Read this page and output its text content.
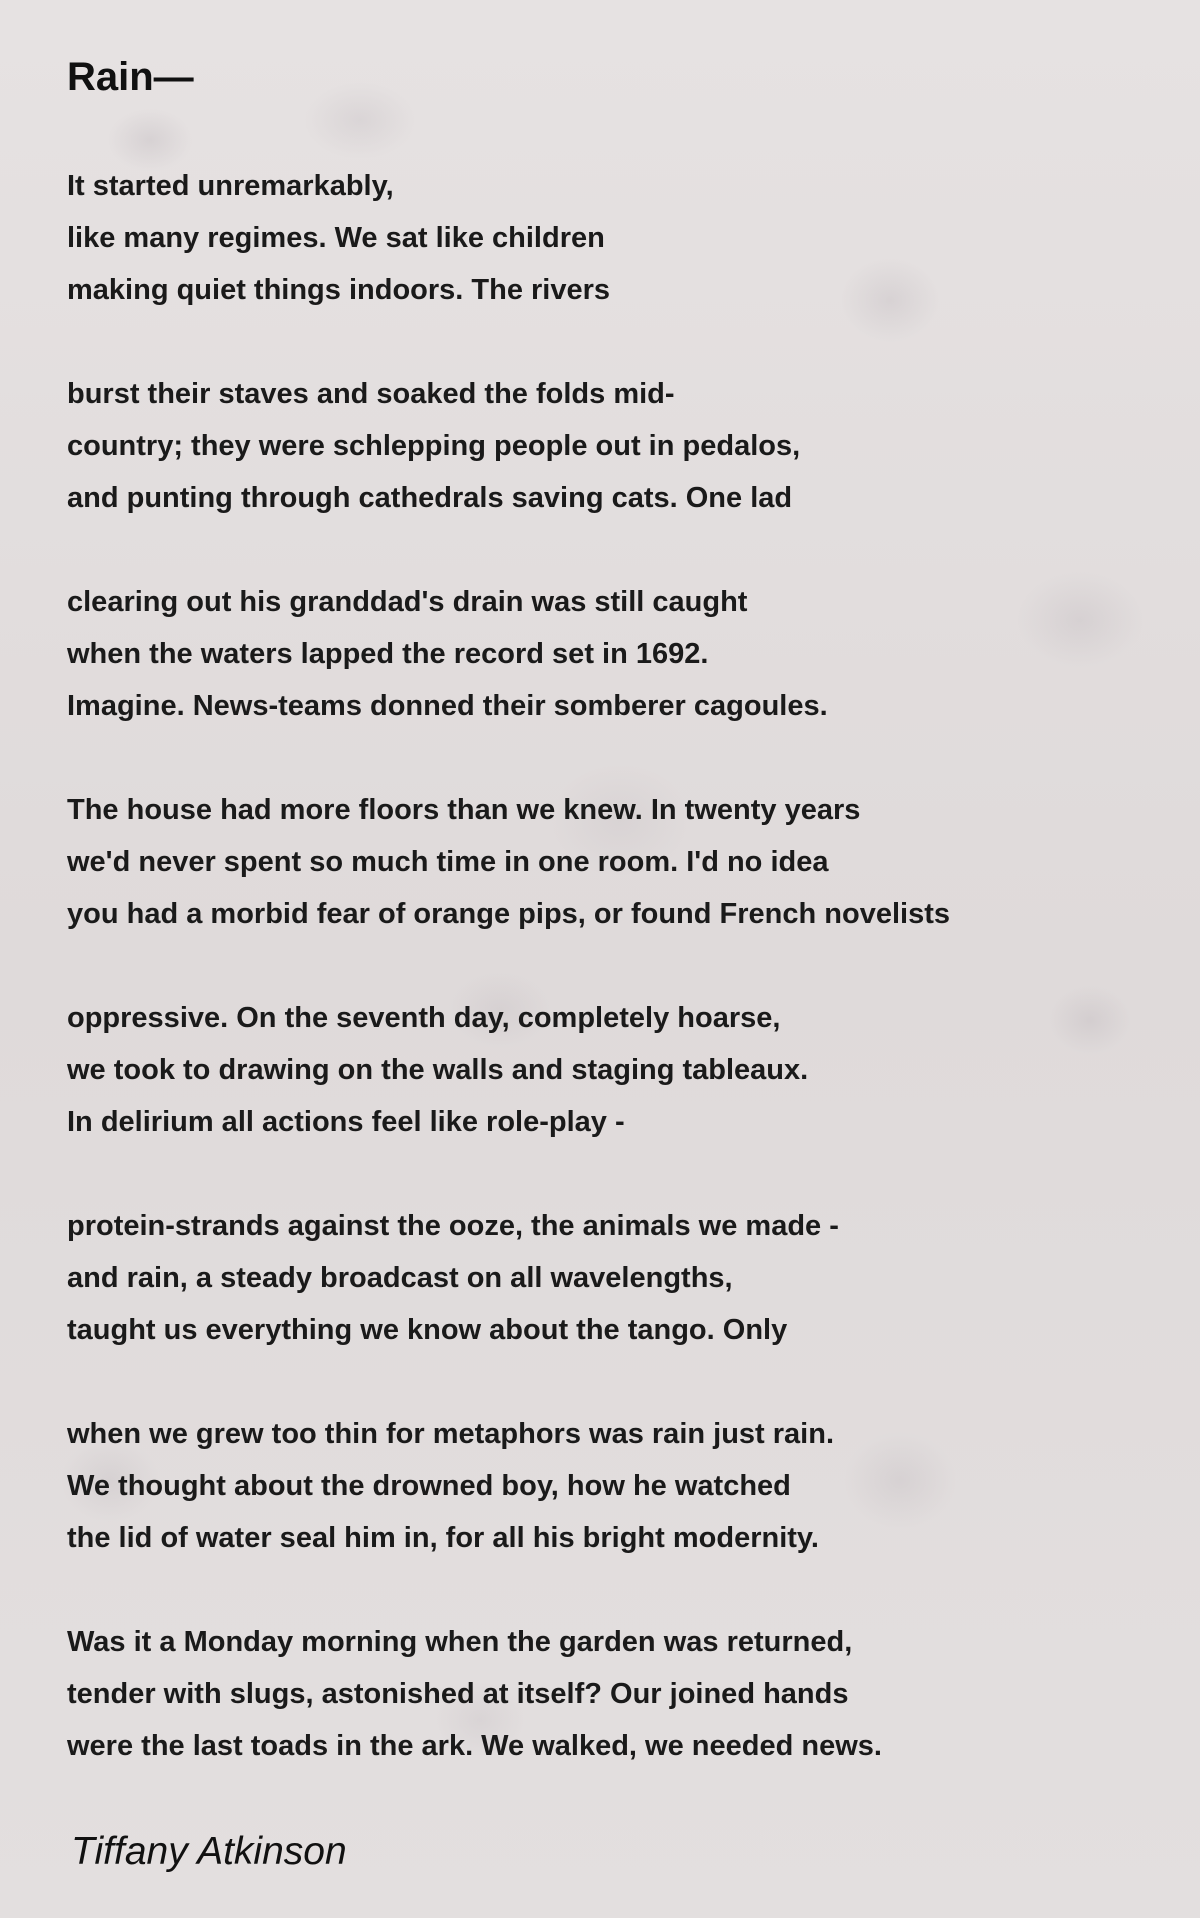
Rain—
It started unremarkably,
like many regimes. We sat like children
making quiet things indoors. The rivers
burst their staves and soaked the folds mid-
country; they were schlepping people out in pedalos,
and punting through cathedrals saving cats. One lad
clearing out his granddad's drain was still caught
when the waters lapped the record set in 1692.
Imagine. News-teams donned their somberer cagoules.
The house had more floors than we knew. In twenty years
we'd never spent so much time in one room. I'd no idea
you had a morbid fear of orange pips, or found French novelists
oppressive. On the seventh day, completely hoarse,
we took to drawing on the walls and staging tableaux.
In delirium all actions feel like role-play -
protein-strands against the ooze, the animals we made -
and rain, a steady broadcast on all wavelengths,
taught us everything we know about the tango. Only
when we grew too thin for metaphors was rain just rain.
We thought about the drowned boy, how he watched
the lid of water seal him in, for all his bright modernity.
Was it a Monday morning when the garden was returned,
tender with slugs, astonished at itself? Our joined hands
were the last toads in the ark. We walked, we needed news.
Tiffany Atkinson
